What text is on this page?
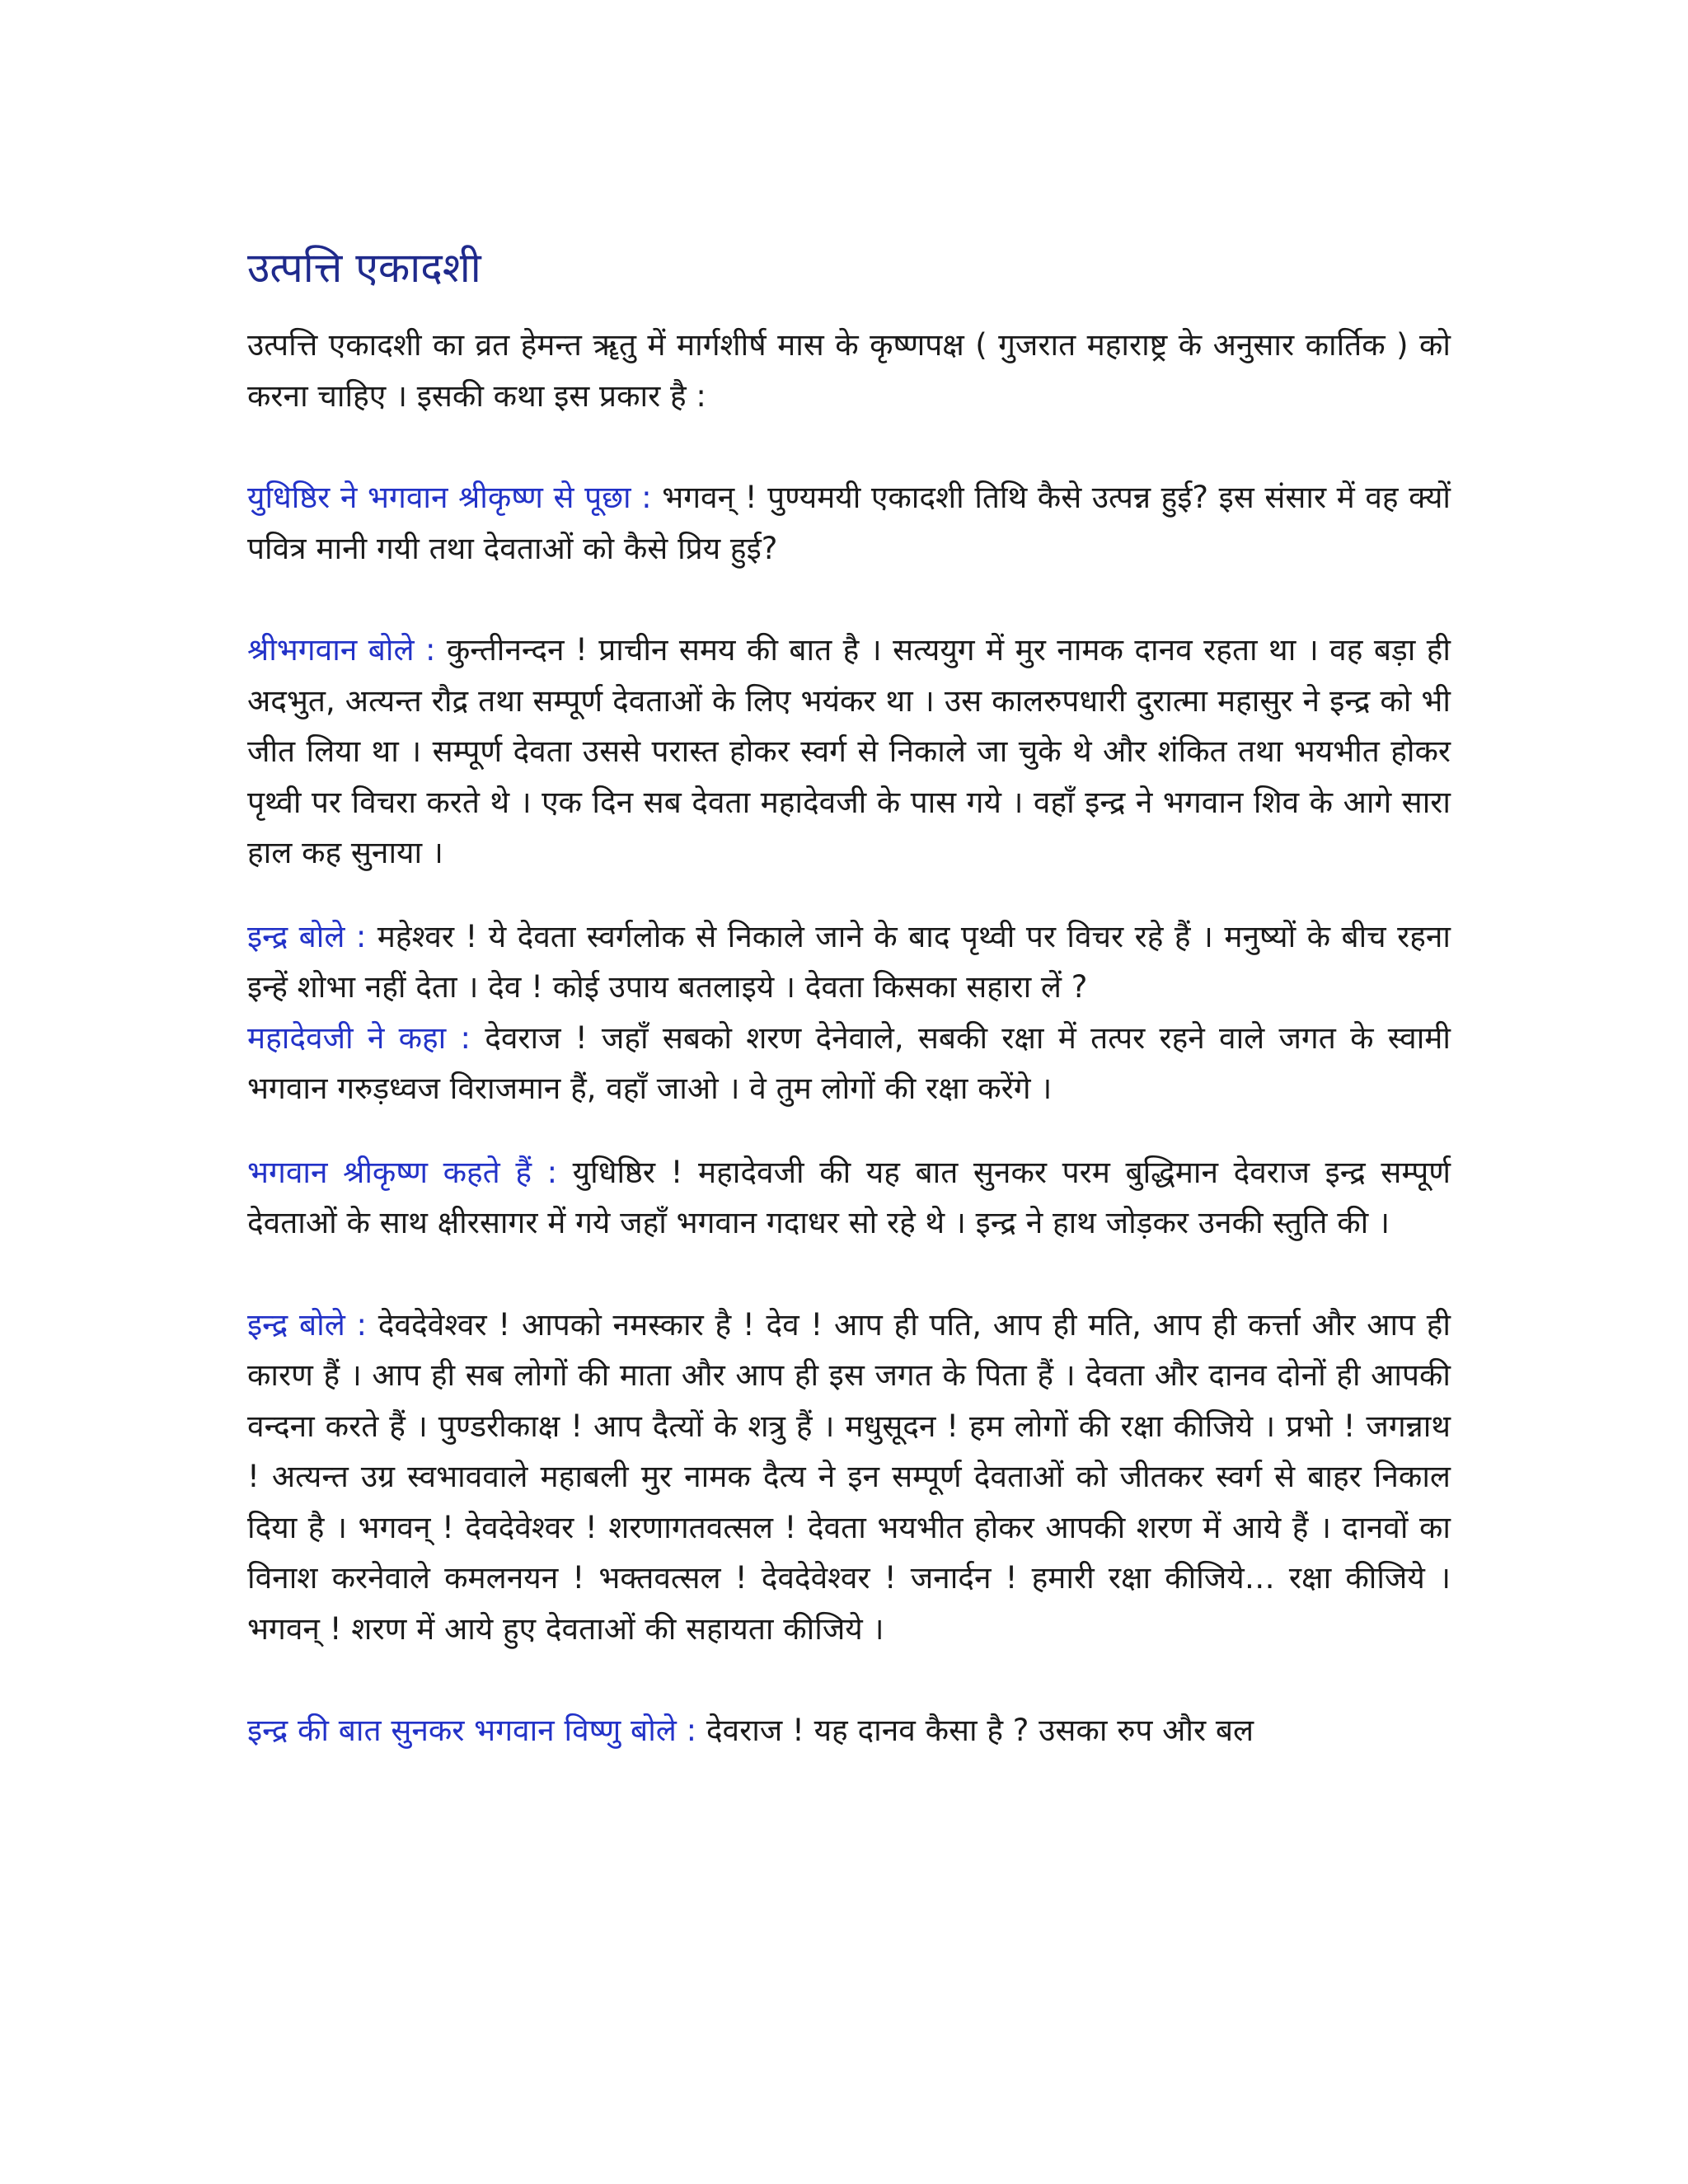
उत्पत्ति एकादशी

उत्पत्ति एकादशी का व्रत हेमन्त ॠतु में मार्गशीर्ष मास के कृष्णपक्ष ( गुजरात महाराष्ट्र के अनुसार कार्तिक ) को करना चाहिए । इसकी कथा इस प्रकार है :

युधिष्ठिर ने भगवान श्रीकृष्ण से पूछा : भगवन् ! पुण्यमयी एकादशी तिथि कैसे उत्पन्न हुई? इस संसार में वह क्यों पवित्र मानी गयी तथा देवताओं को कैसे प्रिय हुई?

श्रीभगवान बोले : कुन्तीनन्दन ! प्राचीन समय की बात है । सत्ययुग में मुर नामक दानव रहता था । वह बड़ा ही अदभुत, अत्यन्त रौद्र तथा सम्पूर्ण देवताओं के लिए भयंकर था । उस कालरुपधारी दुरात्मा महासुर ने इन्द्र को भी जीत लिया था । सम्पूर्ण देवता उससे परास्त होकर स्वर्ग से निकाले जा चुके थे और शंकित तथा भयभीत होकर पृथ्वी पर विचरा करते थे । एक दिन सब देवता महादेवजी के पास गये । वहाँ इन्द्र ने भगवान शिव के आगे सारा हाल कह सुनाया ।

इन्द्र बोले : महेश्वर ! ये देवता स्वर्गलोक से निकाले जाने के बाद पृथ्वी पर विचर रहे हैं । मनुष्यों के बीच रहना इन्हें शोभा नहीं देता । देव ! कोई उपाय बतलाइये । देवता किसका सहारा लें ?

महादेवजी ने कहा : देवराज ! जहाँ सबको शरण देनेवाले, सबकी रक्षा में तत्पर रहने वाले जगत के स्वामी भगवान गरुड़ध्वज विराजमान हैं, वहाँ जाओ । वे तुम लोगों की रक्षा करेंगे ।

भगवान श्रीकृष्ण कहते हैं : युधिष्ठिर ! महादेवजी की यह बात सुनकर परम बुद्धिमान देवराज इन्द्र सम्पूर्ण देवताओं के साथ क्षीरसागर में गये जहाँ भगवान गदाधर सो रहे थे । इन्द्र ने हाथ जोड़कर उनकी स्तुति की ।

इन्द्र बोले : देवदेवेश्वर ! आपको नमस्कार है ! देव ! आप ही पति, आप ही मति, आप ही कर्त्ता और आप ही कारण हैं । आप ही सब लोगों की माता और आप ही इस जगत के पिता हैं । देवता और दानव दोनों ही आपकी वन्दना करते हैं । पुण्डरीकाक्ष ! आप दैत्यों के शत्रु हैं । मधुसूदन ! हम लोगों की रक्षा कीजिये । प्रभो ! जगन्नाथ ! अत्यन्त उग्र स्वभाववाले महाबली मुर नामक दैत्य ने इन सम्पूर्ण देवताओं को जीतकर स्वर्ग से बाहर निकाल दिया है । भगवन् ! देवदेवेश्वर ! शरणागतवत्सल ! देवता भयभीत होकर आपकी शरण में आये हैं । दानवों का विनाश करनेवाले कमलनयन ! भक्तवत्सल ! देवदेवेश्वर ! जनार्दन ! हमारी रक्षा कीजिये… रक्षा कीजिये । भगवन् ! शरण में आये हुए देवताओं की सहायता कीजिये ।

इन्द्र की बात सुनकर भगवान विष्णु बोले : देवराज ! यह दानव कैसा है ? उसका रुप और बल
